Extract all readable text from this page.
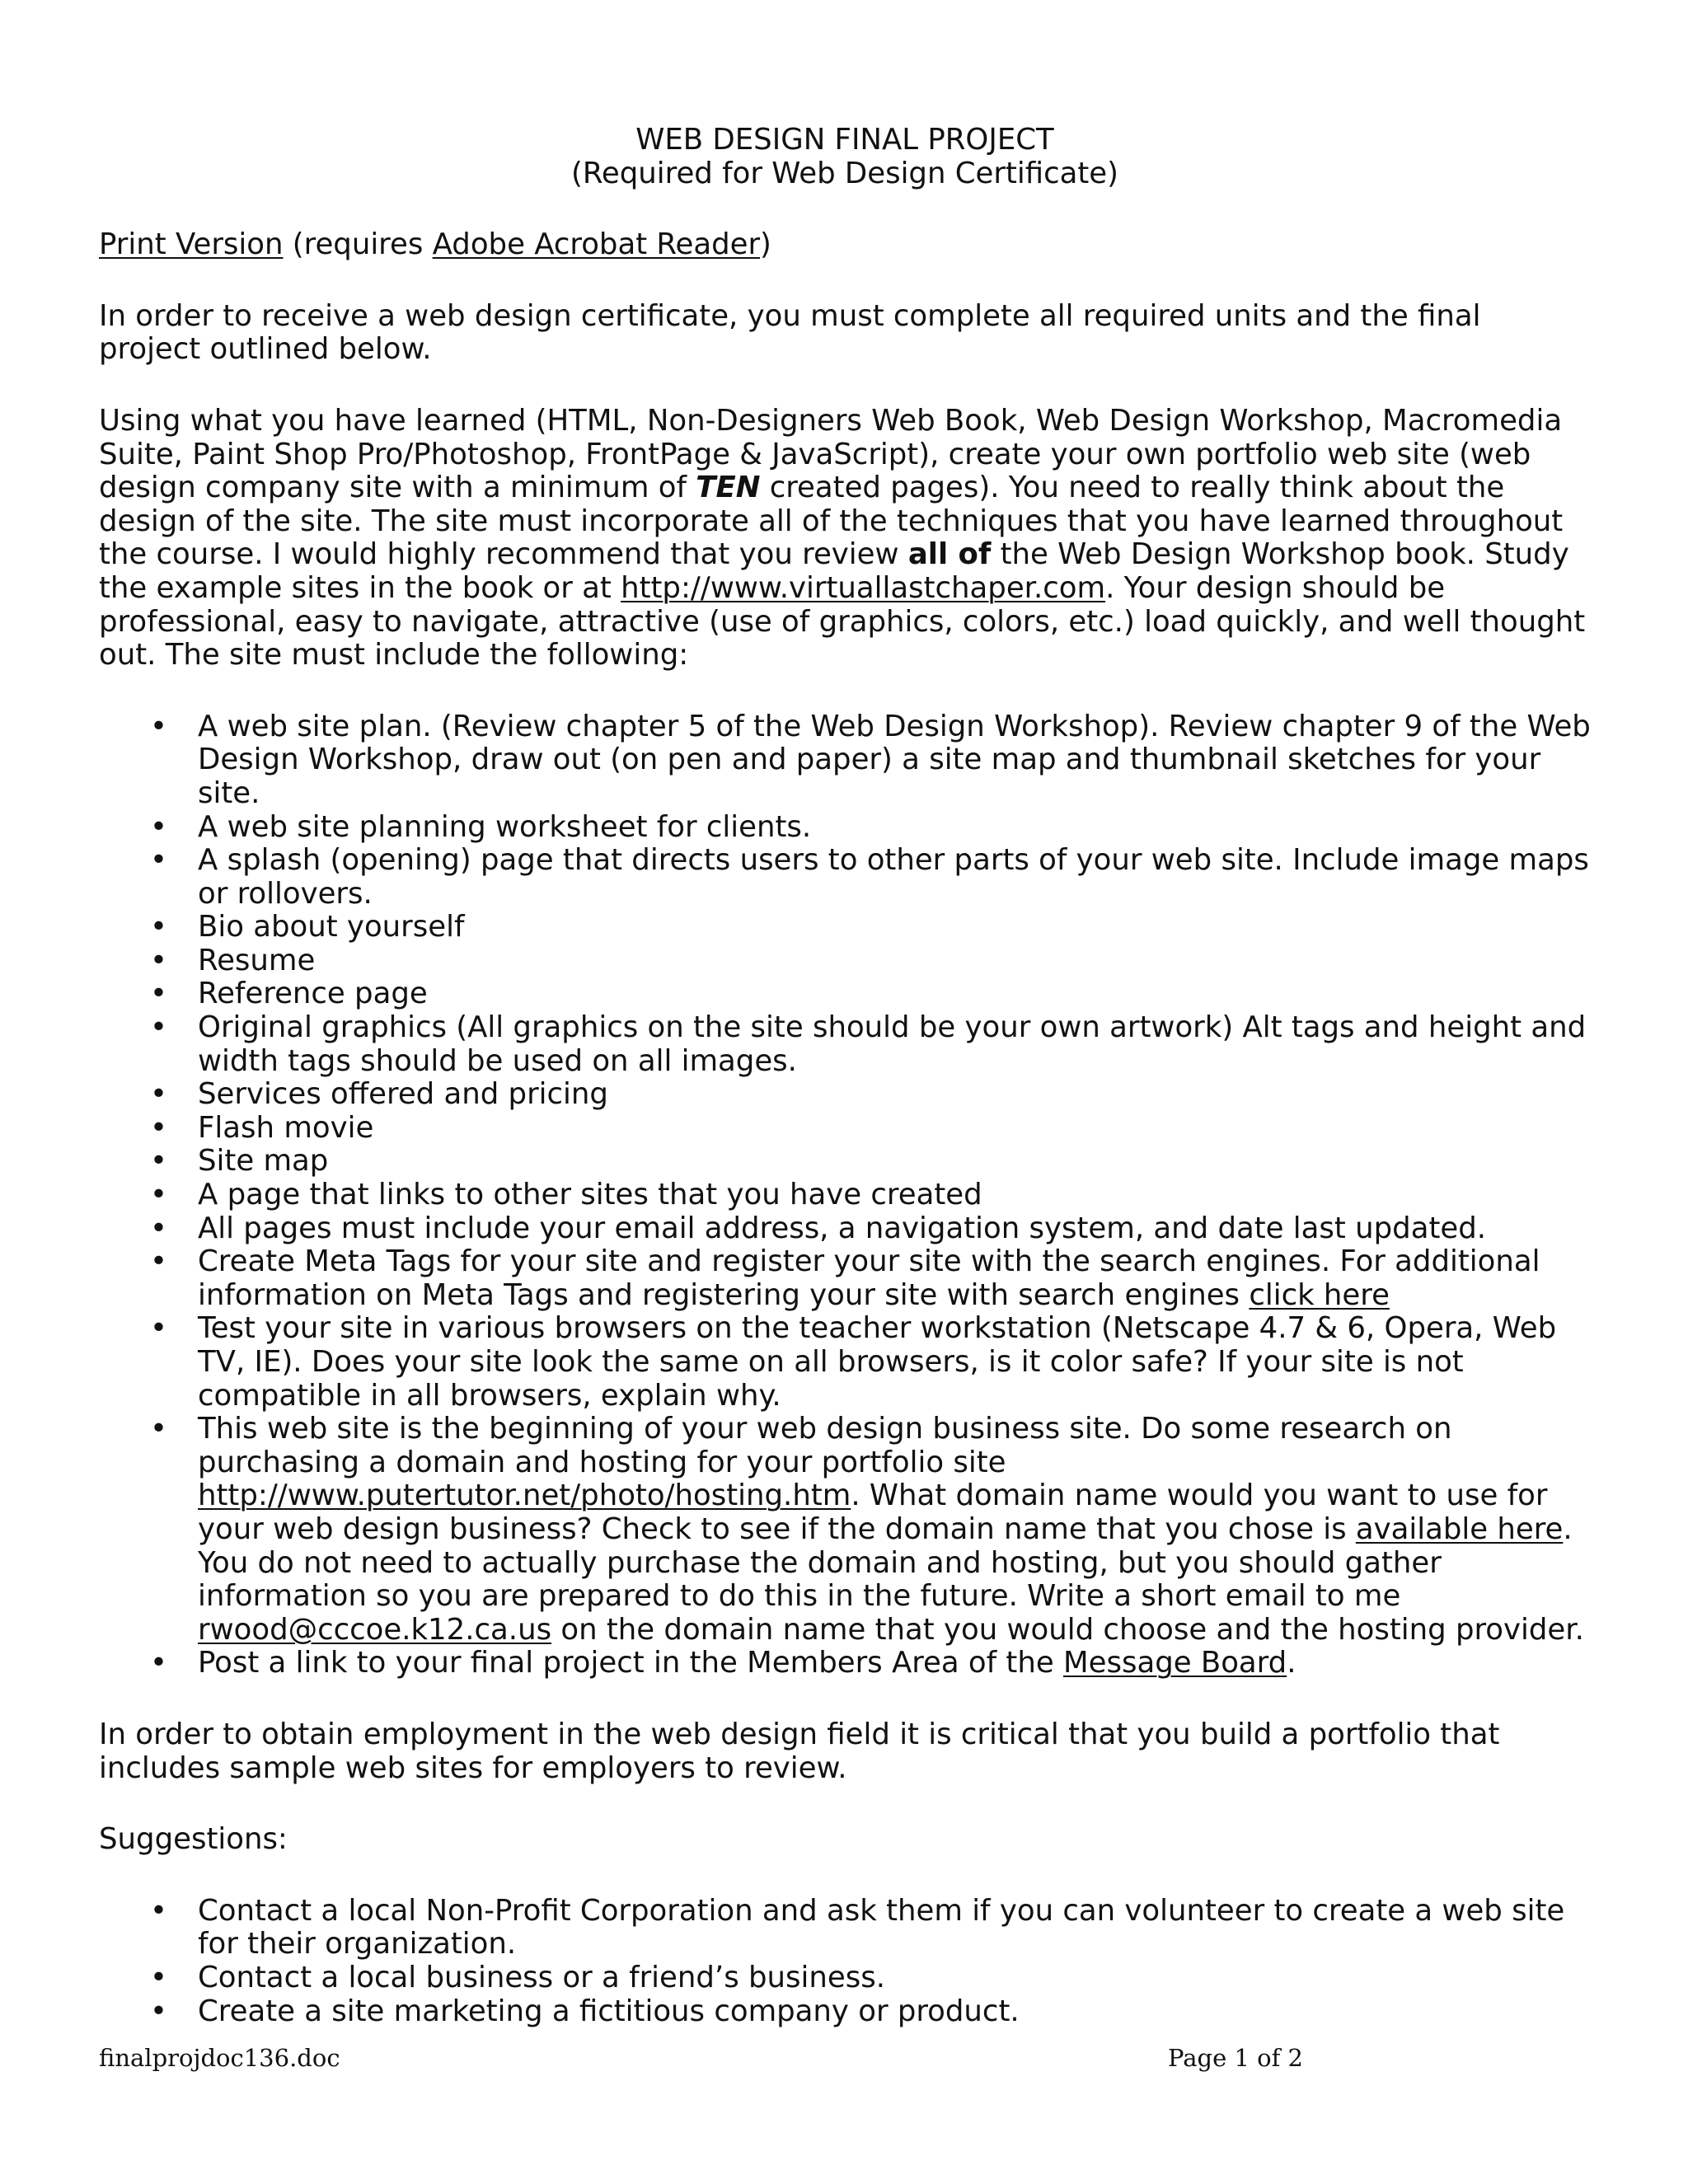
WEB DESIGN FINAL PROJECT
(Required for Web Design Certificate)

Print Version (requires Adobe Acrobat Reader)

In order to receive a web design certificate, you must complete all required units and the final project outlined below.

Using what you have learned (HTML, Non-Designers Web Book, Web Design Workshop, Macromedia Suite, Paint Shop Pro/Photoshop, FrontPage & JavaScript), create your own portfolio web site (web design company site with a minimum of TEN created pages). You need to really think about the design of the site. The site must incorporate all of the techniques that you have learned throughout the course. I would highly recommend that you review all of the Web Design Workshop book. Study the example sites in the book or at http://www.virtuallastchaper.com. Your design should be professional, easy to navigate, attractive (use of graphics, colors, etc.) load quickly, and well thought out. The site must include the following:

• A web site plan. (Review chapter 5 of the Web Design Workshop). Review chapter 9 of the Web Design Workshop, draw out (on pen and paper) a site map and thumbnail sketches for your site.
• A web site planning worksheet for clients.
• A splash (opening) page that directs users to other parts of your web site. Include image maps or rollovers.
• Bio about yourself
• Resume
• Reference page
• Original graphics (All graphics on the site should be your own artwork) Alt tags and height and width tags should be used on all images.
• Services offered and pricing
• Flash movie
• Site map
• A page that links to other sites that you have created
• All pages must include your email address, a navigation system, and date last updated.
• Create Meta Tags for your site and register your site with the search engines. For additional information on Meta Tags and registering your site with search engines click here
• Test your site in various browsers on the teacher workstation (Netscape 4.7 & 6, Opera, Web TV, IE). Does your site look the same on all browsers, is it color safe? If your site is not compatible in all browsers, explain why.
• This web site is the beginning of your web design business site. Do some research on purchasing a domain and hosting for your portfolio site http://www.putertutor.net/photo/hosting.htm. What domain name would you want to use for your web design business? Check to see if the domain name that you chose is available here. You do not need to actually purchase the domain and hosting, but you should gather information so you are prepared to do this in the future. Write a short email to me rwood@cccoe.k12.ca.us on the domain name that you would choose and the hosting provider.
• Post a link to your final project in the Members Area of the Message Board.

In order to obtain employment in the web design field it is critical that you build a portfolio that includes sample web sites for employers to review.

Suggestions:

• Contact a local Non-Profit Corporation and ask them if you can volunteer to create a web site for their organization.
• Contact a local business or a friend’s business.
• Create a site marketing a fictitious company or product.
finalprojdoc136.doc	Page 1 of 2
